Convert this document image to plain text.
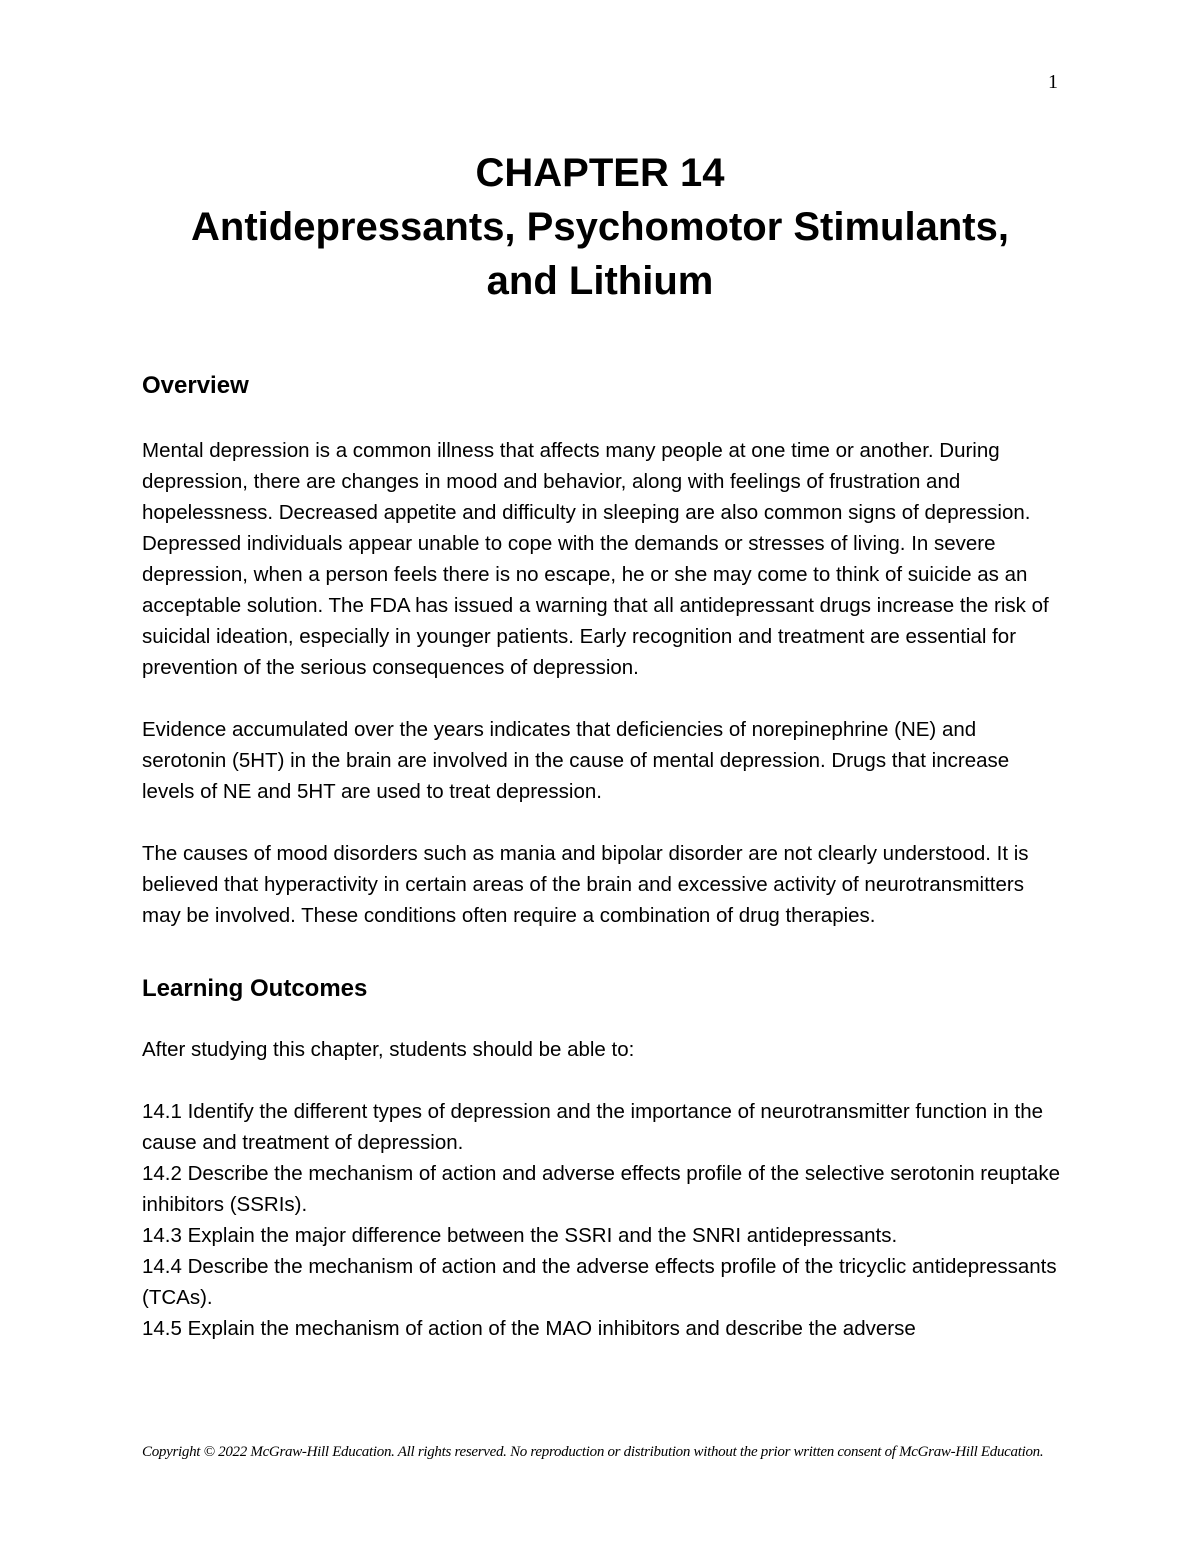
1
CHAPTER 14
Antidepressants, Psychomotor Stimulants,
and Lithium
Overview

Mental depression is a common illness that affects many people at one time or another. During depression, there are changes in mood and behavior, along with feelings of frustration and hopelessness. Decreased appetite and difficulty in sleeping are also common signs of depression. Depressed individuals appear unable to cope with the demands or stresses of living. In severe depression, when a person feels there is no escape, he or she may come to think of suicide as an acceptable solution. The FDA has issued a warning that all antidepressant drugs increase the risk of suicidal ideation, especially in younger patients. Early recognition and treatment are essential for prevention of the serious consequences of depression.

Evidence accumulated over the years indicates that deficiencies of norepinephrine (NE) and serotonin (5HT) in the brain are involved in the cause of mental depression. Drugs that increase levels of NE and 5HT are used to treat depression.

The causes of mood disorders such as mania and bipolar disorder are not clearly understood. It is believed that hyperactivity in certain areas of the brain and excessive activity of neurotransmitters may be involved. These conditions often require a combination of drug therapies.

Learning Outcomes

After studying this chapter, students should be able to:

14.1 Identify the different types of depression and the importance of neurotransmitter function in the cause and treatment of depression.
14.2 Describe the mechanism of action and adverse effects profile of the selective serotonin reuptake inhibitors (SSRIs).
14.3 Explain the major difference between the SSRI and the SNRI antidepressants.
14.4 Describe the mechanism of action and the adverse effects profile of the tricyclic antidepressants (TCAs).
14.5 Explain the mechanism of action of the MAO inhibitors and describe the adverse
Copyright © 2022 McGraw-Hill Education. All rights reserved. No reproduction or distribution without the prior written consent of McGraw-Hill Education.
